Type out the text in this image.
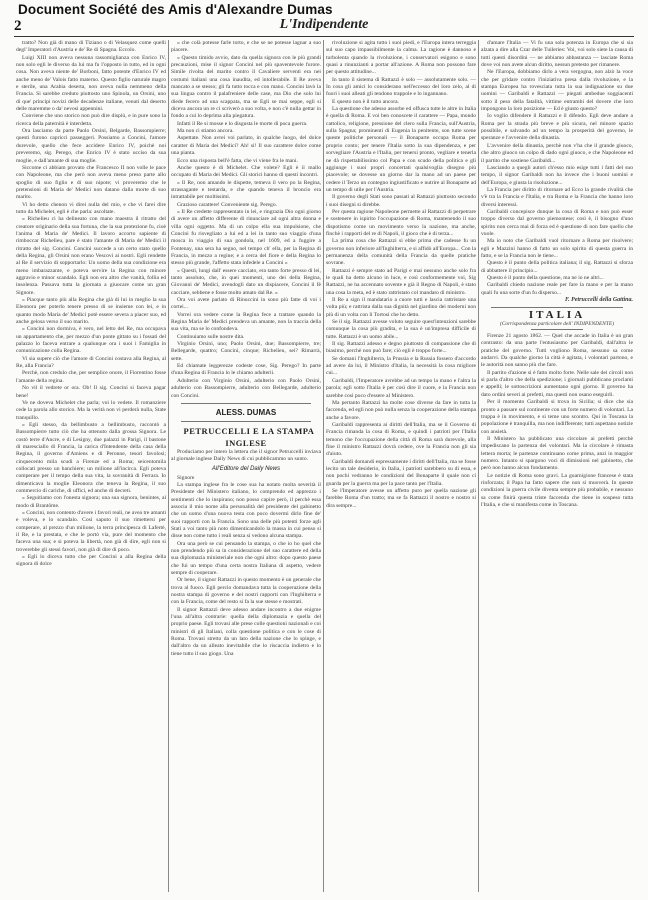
Document Société des Amis d'Alexandre Dumas
2	L'Indipendente

tratto? Non già di mano di Tiziano o di Velasquez come quelli degl' Imperatori d'Austria e de' Re di Spagna. Eccolo.

Luigi XIII non aveva nessuna rassomiglianza con Enrico IV, non solo egli le diverso da lui ma fu l'opposto in tutto, ed in ogni cosa. Non aveva niente de' Borboni, fatto potente d'Enrico IV ed anche meno de' Valois fatto materno. Questo figlio naturale magro e sterile, una Arabia deserta, non aveva nulla nemmeno della Francia. Si sarebbe creduto piuttosto uno Spinola, un Orsini, uno di que' principi novizi delle decadenze italiane, venuti dal deserto delle maremme o da' nevosi appennini.

Conviene che uno storico non può dire dispiù, e in pure sono la ricerca della paternità è interdetta.

Ora lasciamo da parte Paolo Orsini, Belgarde, Bassompierre; questi furono capricci passeggeri. Possiamo a Concini, l'amore durevole, quello che fece accidere Enrico IV, poichè noi preveremo, sig. Perego, che Enrico IV è stato ucciso da sua moglie, e dall'amante di sua moglie.

Siccome ci abbiam provato che Francesco II non volle le pace con Napoleone, ma che però non aveva meno preso parte allo spoglio di suo figlio e di suo nipote; vi proveremo che le pretensioni di Maria de' Medici non datano dalla morte di suo marito.

Vi ho detto chenon vi direi nulla del mio, e che vi farei dire tutto da Michelet, egli è che parla: ascoltate.

« Richelieu ci ha delineato con mano maestra il ritratto del creatore originario della sua fortuna, che la sua protezione fu, cioè l'anima di Maria de' Medici. Il lavoro accorto sapiente di rimboccar Richelieu, pare è stato l'amante di Maria de' Medici il ritratto del sig. Concini. Concini succede a un certo stato quello della Regina, gli Orsini non erano Vescovi ai nostri. Egli rendette al Re il servizio di sopportarlo: Un uomo della sua condizione era meno imbarazzante, e poteva servire la Regina con minore aggravio e minor scandalo. Egli non era altro che vanità, follia ed insolenza. Passava tutta la giornata a giuocare come un gran Signore.

« Piacque tanto più alla Regina che già di lui in meglio la sua Eleonora per poterlo tenere presso di se insieme con lei, e in quanto modo Maria de' Medici potè essere severa a piacer suo, ed anche gelosa verso il suo marito.

« Concini non dormiva, è vero, nel letto del Re, ma occupava un appartamento che, per mezzo d'un ponte gittato su i fossati del palazzo lo faceva entrare a qualunque ora i suoi i Famiglia in comunicazione colla Regina.

Vi sia supere ciò che l'amore di Concini costava alla Regina, al Re, alla Francia?

Perchè, non credulo che, per semplice onore, il Fiorentino fosse l'amante della regina.

No vil il vedrete or ora. Ob! Il sig. Concini si faceva pagar bene!

Ve ne doveva Michelet che parla; voi lo vedete. Il romanziere cede la parola allo storico. Ma la verità non vi perderà nulla, State tranquillo.

« Egli stesso, da bellimbusto a bellimbusto, raccontò a Bassompierre tutto ciò che ha ottenuto dalla grossa Signora. Le costò terre d'Ancre, e di Lesigny, due palazzi in Parigi, il bastone di maresciallo di Francia, la carica d'Intendente della casa della Regina, il governo d'Amiens e di Peronne, tesori favolosi; cinquecento mila scudi a Firenze ed a Roma; seicentomila collocati presso un banchiere; un milione all'incirca. Egli poteva comperare per il tempo della sua vita, la sovranità di Ferrara. Io dimenticava la moglie Eleonora che teneva la Regina, il suo commercio di cariche, di uffici, ed anche di decreti.

« Seguitiamo con l'onesta signora; una sua signora, benintes, al modo di Brantôme.

« Concini, non contento d'avere i favori reali, ne avea tre amanti e voleva, e lo scandalo. Così saputo il suo rimettersi per comperare, al prezzo d'un milione, la terra principesca di Lafertè, il Re, e la prestata, e che le portò via, pure del momento che faceva una sua; e si poteva la libertà, non già di dire, egli non si troverebbe gli stessi favori, non già di dire di poco.

« Egli lo diceva tutto che per Concini a alla Regina della signora di dolce

« che colà potesse farle torto, e che se ne potesse lagnar a suo piacere.

« Questo timido avvio, dato da quella signora con le più grandi precauzioni, mise il signor Concini nel più spaventevole furore. Simile rivolta del marito contro il Cavaliere serventi era nei costumi italiani una cosa inaudita, ed intollerabile. Il Re aveva mancato a se stesso; gli fa tutto tocca e con mano. Concini lavò la sua lingua contro il palafreniere delle case, ma Dio che solo lui diede fecero ad una scappata, ma se Egli se mai seppe, egli si diceva ancora un re ci scriverò a suo volta, e non c'è nulla gettar in fondo a cui lo deprima alla piegatura.

Infatti il Re si mosse e lo disgusta le morte di poca guerra.

Ma non ci stiamo ancora.

Aspettate. Non avrei voi parlato, in qualche luogo, del dolce caratter di Maria dei Medici? Ah! si! Il suo carattere dolce come una pianta.

Ecco una risposta bell'è fatta, che vi viene fra le mani.

Anche questo è di Michelet. Che volete? Egli è il mallo occupato di Maria dei Medici. Gli storici hanno di questi incontri.

« Il Re, non amando le dispette, temeva il vero po la Regina, strassagante e testarda, e che quando teneva il broncio era intrattabile per moltissimi.

Grazioso carattere! Conveniente sig. Perego.

« Il Re credette rappresentato in lei, e ringrazia Dio ogni giorno di avere un affetto differente di rinunciare ad ogni altra donna e villa ogni oggetto. Ma di un colpo ella sua impulsione, che Concini fu risvegliato a lui ed a lei in tanto suo viaggio d'una mosca in viaggio di sua gondola, nel 1609, ed a fuggire a Fontenay, una sera ha segno, nel tempo ch' ella, per la Regina di Francia, in mezzo a regine; e a cerca del fiore e della Regina lo stesso più grande, l'affetto stata infedele a Concini »

« Questi, lungi dall' essere cacciato, era tanto forte presso di lei, tanto assoluto, che, in quei momenti, uno dei della Regina, Giovanni de' Medici, avendogli dato un dispiacere, Concini il fè cacciare, sebbene e fosse molto amato dal Re. »

Ora voi avete parlato di Rinuccini in sono più fatte di voi i cortei...

Vorrei ora vedere come la Regina fece a trattare quando la Regina Maria de' Medici prendeva un amante, non la traccia della sua vita, ma se lo confondeva.

Continuiamo sulle nostre dita.

Virginio Orsini, uno; Paolo Orsini, due; Bassompierre, tre; Bellegarde, quattro; Concini, cinque; Richelieu, sei? Rimarrà, sette.

Ed chiamate leggerezze codeste cose, Sig. Perego? In parte d'una Regina di Francia lo le chiamo adulterii.

Adulterio con Virginio Orsini, adulterio con Paolo Orsini, adulterio con Bassompierre, adulterio con Bellegarde, adulterio con Concini.

ALESS. DUMAS

PETRUCCELLI E LA STAMPA INGLESE

Produciamo per intero la lettera che il signor Petruccelli inviava al giornale inglese Daily News di cui pubblicammo un sunto.

All'Editore del Daily News

Signore

La stampa inglese fra le cose sua ha notato molta severità il Presidente del Ministero italiano, lo comprendo ed apprezzo i sentimenti che lo inspirano; non posso capire però, il perchè essa associa il mio nome alla personalità del presidente del gabinetto che un uomo d'una nuova testa con poco dovermi dirlo fine de' suoi rapporti con la Francia. Sono una delle più potenti forze agli Stati a voi tanto più noto dimenticandolo la massa in cui penso si disse non come tutto i reali senza si vedono alcuna stampa.

Ora una però se cui pensando la stampa, o che io ho quel che non prendendo più sa in considerazione del suo carattere ed della sua diplomazia ministeriale non che ogni altro: dopo questo paese che fui un tempo d'una certa nostra Italiana di aspetto, vedere sempre di cooperare.

Or bene, il signor Rattazzi in questo momento è un generale che trova al fuoco. Egli percio domandava tutta la cooperazione della nostra stampa di governo e dei nostri rapporti con l'Inghilterra e con la Francia, come del resto si fa la sue stesse e mostrati.

Il signor Rattazzi deve adesso andare incontro a due enigme l'una all'altra contrarie: quella della diplomazia e quella del proprio paese. Egli trovasi alle prese colle questioni nazionali e coi ministri di gli Italiani, colla questione politica e con le cose di Roma. Trovasi stretto da un lato della nazione che lo spinge, e dall'altro da un alleato inevitabile che lo riscaccia indietro e lo tiene tutto il suo giogo. Una

rivoluzione si agita tutto i suoi piedi, e l'Europa intera terreggia sul suo capo impassibilmente la calma. La ragione è dannoso e turbolenta quando la rivoluzione, i conservatori esigono e sono quasi a rinunzianti a portar all'azione. A Roma non possono fare per questo attitudine...

In tanto il sistema di Rattazzi è solo — assolutamente solo. — In cosa gli amici lo considerano nell'eccesso del loro zelo, al di fuori i suoi alleati gli tendono trappole e lo ingannano.

E questo non è il tutto ancora.

La questione che adesso assorbe ed offusca tutte le altre in Italia è quella di Roma. E voi ben conoscete il carattere — Papa, mondo cattolico, religione, pressione del clero sulla Francia, sull'Austria, sulla Spagna; prominenti di Eugenia la penitente, son tutte scene queste politiche personali — il Bonaparte occupa Roma per proprio conto; per tenere l'Italia sotto la sua dipendenza, e per sorvegliare l'Austria e l'Italia, per tenersi pronto, vegliare e tenerla ne dà rispettabilissimo col Papa e con scudo della politica e gli aggiunge i suoi propri concertati qualsivoglia disegno più piacevole; se dovesse un giorno dar la mano ad un paese per cedere il Terzo un contegno ingiustificato e nutrire al Bonaparte ad un tempo di utile per l'Austria.

Il governo degli Stati sono passati al Rattazzi piuttosto secondo i suoi disegni si direbbe.

Per questa ragione Napoleone permette al Rattazzi di perpetrare e sostenere in ispirito l'occupazione di Roma, mantenendo il suo dispotismo come un movimento verso la nazione, ma anche, finchè i rapporti del re di Napoli, il gioco che è di terza...

La prima cosa che Rattazzi si ebbe prima che cadesse fu un governo non inferiore all'Inghilterra, e si affidò all'Europa... Con la permanenza della comunità della Francia da quelle pratiche sovrane.

Rattazzi è sempre stato ad Parigi e mai nessuno anche solo fra le quali ha detto alcuno in luce, e così conformemente voi, Sig Rattazzi, ne ha accennato sovente e già il Regno di Napoli, è stato una cosa la meta, ed è stato rattristato col mandato di ministro.

Il Re a sign il mandatario a cuore tutti e lascia rattristare una volta più; e rattrista dalla sua dignità nel giardino dei moderni non più di un volta con lì Tortosi che ho detto.

Se il sig. Rattazzi avesse voluto seguire quest'intenzioni sarebbe comunque la cosa più gradita, e la sua è un'impresa difficile di tutte. Rattazzi è un uomo abile...

Il sig. Rattazzi adesso e degno piuttosto di compassione che di biasimo, perchè non può fare; ciò egli è troppo forte...

Se domani l'Inghilterra, la Prussia e la Russia fossero d'accordo ad avere da lui, il Ministro d'Italia, la necessità la cosa migliore cui...

Garibaldi, l'Imperatore avrebbe ad un tempo la mano e l'altra la parola; egli sotto l'Italia è per così dire il cuore, e la Francia non sarebbe così poco d'essere al Ministero.

Ma pertanto Rattazzi ha molte cose diverse da fare in tutta la faccenda, ed egli non può nulla senza la cooperazione della stampa anche a favore.

Garibaldi rappresenta ai diritti dell'Italia, ma se il Governo di Francia rimanda la cosa di Roma, e quindi i patrioti per l'Italia temono che l'occupazione della città di Roma sarà durevole, alla fine il ministro Rattazzi dovrà cedere, ove la Francia non gli sia d'aiuto.

Garibaldi domandi espressamente i diritti dell'Italia, ma se fosse lecito un tale desiderio, in Italia, i patrioti sarebbero su di essa, e non pochi vedranno le condizioni del Bonaparte il quale non ci guarda per la guerra ma per la pace tanto per l'Italia.

Se l'Imperatore avesse un affetto puro per quella nazione gli farebbe Roma d'un tratto; ma se fa Rattazzi il nostro e nostro si dira sempre...

d'amare l'Italia — Vi fu una sola potenza in Europa che si sia alzata a dire alla Czar delle Tuileries: Voi, voi solo siete la causa di tutti questi disordini — ne abbiamo abbastanza — lasciate Roma dove voi non avete alcun diritto, nessun pretesto per rimanere.

Ne l'Europa, dobbiamo dirlo a vera vergogna, non alzò la voce che per gridare contro l'iniziativa presa dalla rivoluzione, e la stampa Europea ha rovesciata tutta la sua indignazione su due uomini — Garibaldi e Rattazzi — piegati ambedue soggiacenti sotto il peso della fatalità, vittime entrambi del dovere che loro impongono la loro posizione — Ed è giusto questo?

Io voglio difendere il Rattazzi e il difendo. Egli deve andare a Roma per la strada più breve e più sicura, nel minore spazio possibile, e salvando ad un tempo la prosperità del governo, le speranze e l'avvenire della dinastia.

L'avvenire della dinastia, perchè non v'ha che il grande giuoco, che altro giuoco un colpo di dado ogni giuoco, e che Napoleone ed il partito che sostiene Garibaldi...

Lasciando a quegli autori ch'esso mio esige tutti i fatti del suo tempo, il signor Garibaldi non ha invece che i buoni uomini e dell'Europa, e giusta la risoluzione...

La Francia per diritto di ritornare ad Ecco la grande rivalità che v'è tra la Francia e l'Italia, e tra Roma e la Francia che hanno loro diversi interessi.

Garibaldi concepisce dunque la cosa di Roma e non può esser troppo diverso dal governo piemontese; così è, il bisogno d'uno spirito non cerca mai di forza ed è questione di non fare quello che vuole.

Ma io noto che Garibaldi vuol ritornare a Roma per risolvere; egli e Mazzini hanno di fatto un solo spirito di questa guerra in fatto, e se la Francia non le tiene...

Questo è il punto della politica italiana; il sig. Rattazzi si sforza di abbattere il principio...

Questo è il punto della questione, ma ne io ne altri...

Garibaldi chiedo nazione reale per fare la mano e per la mano quali fu una sorte d'un fu disperso...

F. Petruccelli della Gattina.

ITALIA

(Corrispondenza particolare dell' INDIPENDENTE)

Firenze 21 agosto 1862. — Quel che accade in Italia è un gran contrasto: da una parte l'entusiasmo per Garibaldi, dall'altra le pratiche del governo. Tutti vogliono Roma, nessuno sa come andarvi. Da qualche giorno la città è agitata, i volontari partono, e le autorità non sanno più che fare.

Il partito d'azione si è fatto molto forte. Nelle sale dei circoli non si parla d'altro che della spedizione; i giornali pubblicano proclami e appelli; le sottoscrizioni aumentano ogni giorno. Il governo ha dato ordini severi ai prefetti, ma questi non osano eseguirli.

Per il momento Garibaldi si trova in Sicilia; si dice che sia pronto a passare sul continente con un forte numero di volontari. La truppa è in movimento, e si teme uno scontro. Qui in Toscana la popolazione è tranquilla, ma non indifferente; tutti aspettano notizie con ansietà.

Il Ministero ha pubblicato una circolare ai prefetti perchè impediscano la partenza dei volontari. Ma la circolare è rimasta lettera morta; le partenze continuano come prima, anzi in maggior numero. Intanto si spargono voci di dimissioni nel gabinetto, che però non hanno alcun fondamento.

Le notizie di Roma sono gravi. La guarnigione francese è stata rinforzata; il Papa ha fatto sapere che non si muoverà. In queste condizioni la guerra civile diventa sempre più probabile, e nessuno sa come finirà questa triste faccenda che tiene in sospeso tutta l'Italia, e che si manifesta come in Toscana.
